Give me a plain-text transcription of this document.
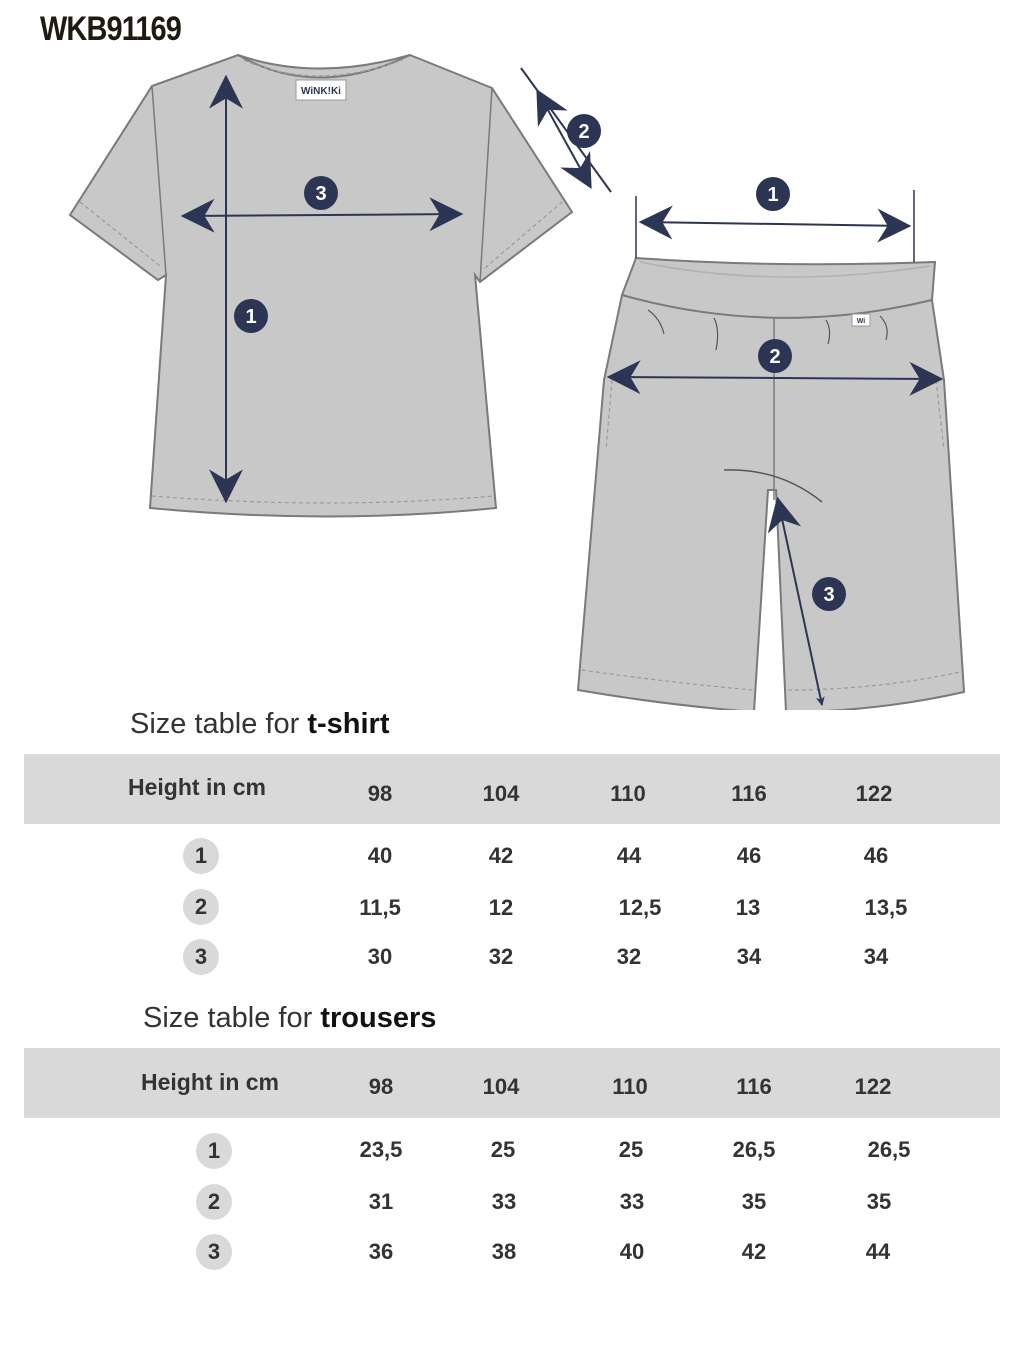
WKB91169
WiNK!Ki
1
2
3
Wi
1
2
3
Size table for t-shirt
Height in cm	98	104	110	116	122
1	40	42	44	46	46
2	11,5	12	12,5	13	13,5
3	30	32	32	34	34
Size table for trousers
Height in cm	98	104	110	116	122
1	23,5	25	25	26,5	26,5
2	31	33	33	35	35
3	36	38	40	42	44
